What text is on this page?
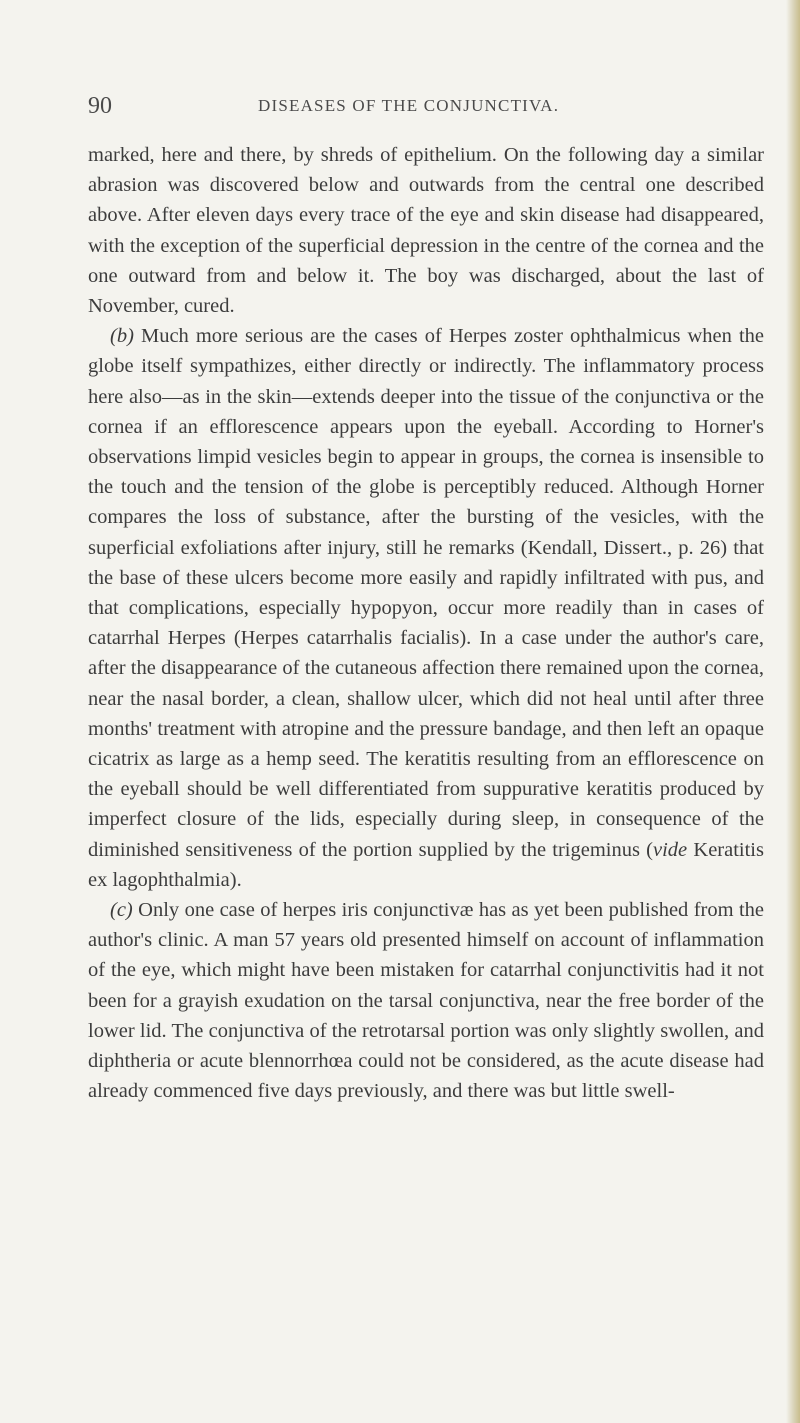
90	DISEASES OF THE CONJUNCTIVA.

marked, here and there, by shreds of epithelium. On the following day a similar abrasion was discovered below and outwards from the central one described above. After eleven days every trace of the eye and skin disease had disappeared, with the exception of the superficial depression in the centre of the cornea and the one outward from and below it. The boy was discharged, about the last of November, cured.

(b) Much more serious are the cases of Herpes zoster ophthalmicus when the globe itself sympathizes, either directly or indirectly. The inflammatory process here also—as in the skin—extends deeper into the tissue of the conjunctiva or the cornea if an efflorescence appears upon the eyeball. According to Horner's observations limpid vesicles begin to appear in groups, the cornea is insensible to the touch and the tension of the globe is perceptibly reduced. Although Horner compares the loss of substance, after the bursting of the vesicles, with the superficial exfoliations after injury, still he remarks (Kendall, Dissert., p. 26) that the base of these ulcers become more easily and rapidly infiltrated with pus, and that complications, especially hypopyon, occur more readily than in cases of catarrhal Herpes (Herpes catarrhalis facialis). In a case under the author's care, after the disappearance of the cutaneous affection there remained upon the cornea, near the nasal border, a clean, shallow ulcer, which did not heal until after three months' treatment with atropine and the pressure bandage, and then left an opaque cicatrix as large as a hemp seed. The keratitis resulting from an efflorescence on the eyeball should be well differentiated from suppurative keratitis produced by imperfect closure of the lids, especially during sleep, in consequence of the diminished sensitiveness of the portion supplied by the trigeminus (vide Keratitis ex lagophthalmia).

(c) Only one case of herpes iris conjunctivæ has as yet been published from the author's clinic. A man 57 years old presented himself on account of inflammation of the eye, which might have been mistaken for catarrhal conjunctivitis had it not been for a grayish exudation on the tarsal conjunctiva, near the free border of the lower lid. The conjunctiva of the retrotarsal portion was only slightly swollen, and diphtheria or acute blennorrhœa could not be considered, as the acute disease had already commenced five days previously, and there was but little swell-
